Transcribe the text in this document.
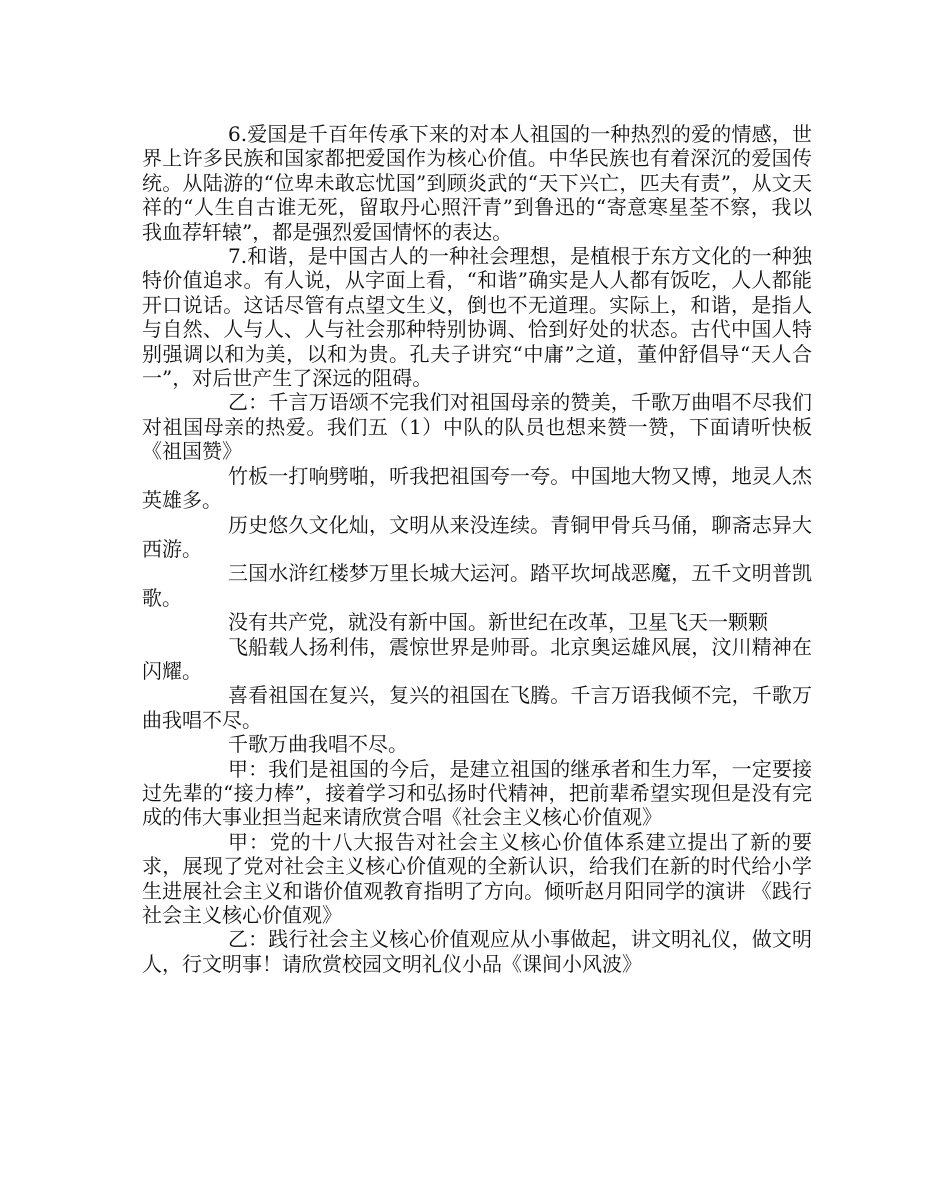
6.爱国是千百年传承下来的对本人祖国的一种热烈的爱的情感，世界上许多民族和国家都把爱国作为核心价值。中华民族也有着深沉的爱国传统。从陆游的“位卑未敢忘忧国”到顾炎武的“天下兴亡，匹夫有责”，从文天祥的“人生自古谁无死，留取丹心照汗青”到鲁迅的“寄意寒星荃不察，我以我血荐轩辕”，都是强烈爱国情怀的表达。

7.和谐，是中国古人的一种社会理想，是植根于东方文化的一种独特价值追求。有人说，从字面上看，“和谐”确实是人人都有饭吃，人人都能开口说话。这话尽管有点望文生义，倒也不无道理。实际上，和谐，是指人与自然、人与人、人与社会那种特别协调、恰到好处的状态。古代中国人特别强调以和为美，以和为贵。孔夫子讲究“中庸”之道，董仲舒倡导“天人合一”，对后世产生了深远的阻碍。

乙：千言万语颂不完我们对祖国母亲的赞美，千歌万曲唱不尽我们对祖国母亲的热爱。我们五（1）中队的队员也想来赞一赞，下面请听快板《祖国赞》

竹板一打响劈啪，听我把祖国夸一夸。中国地大物又博，地灵人杰英雄多。

历史悠久文化灿，文明从来没连续。青铜甲骨兵马俑，聊斋志异大西游。

三国水浒红楼梦万里长城大运河。踏平坎坷战恶魔，五千文明普凯歌。

没有共产党，就没有新中国。新世纪在改革，卫星飞天一颗颗

飞船载人扬利伟，震惊世界是帅哥。北京奥运雄风展，汶川精神在闪耀。

喜看祖国在复兴，复兴的祖国在飞腾。千言万语我倾不完，千歌万曲我唱不尽。

千歌万曲我唱不尽。

甲：我们是祖国的今后，是建立祖国的继承者和生力军，一定要接过先辈的“接力棒”，接着学习和弘扬时代精神，把前辈希望实现但是没有完成的伟大事业担当起来请欣赏合唱《社会主义核心价值观》

甲：党的十八大报告对社会主义核心价值体系建立提出了新的要求，展现了党对社会主义核心价值观的全新认识，给我们在新的时代给小学生进展社会主义和谐价值观教育指明了方向。倾听赵月阳同学的演讲 《践行社会主义核心价值观》

乙：践行社会主义核心价值观应从小事做起，讲文明礼仪，做文明人，行文明事！请欣赏校园文明礼仪小品《课间小风波》
